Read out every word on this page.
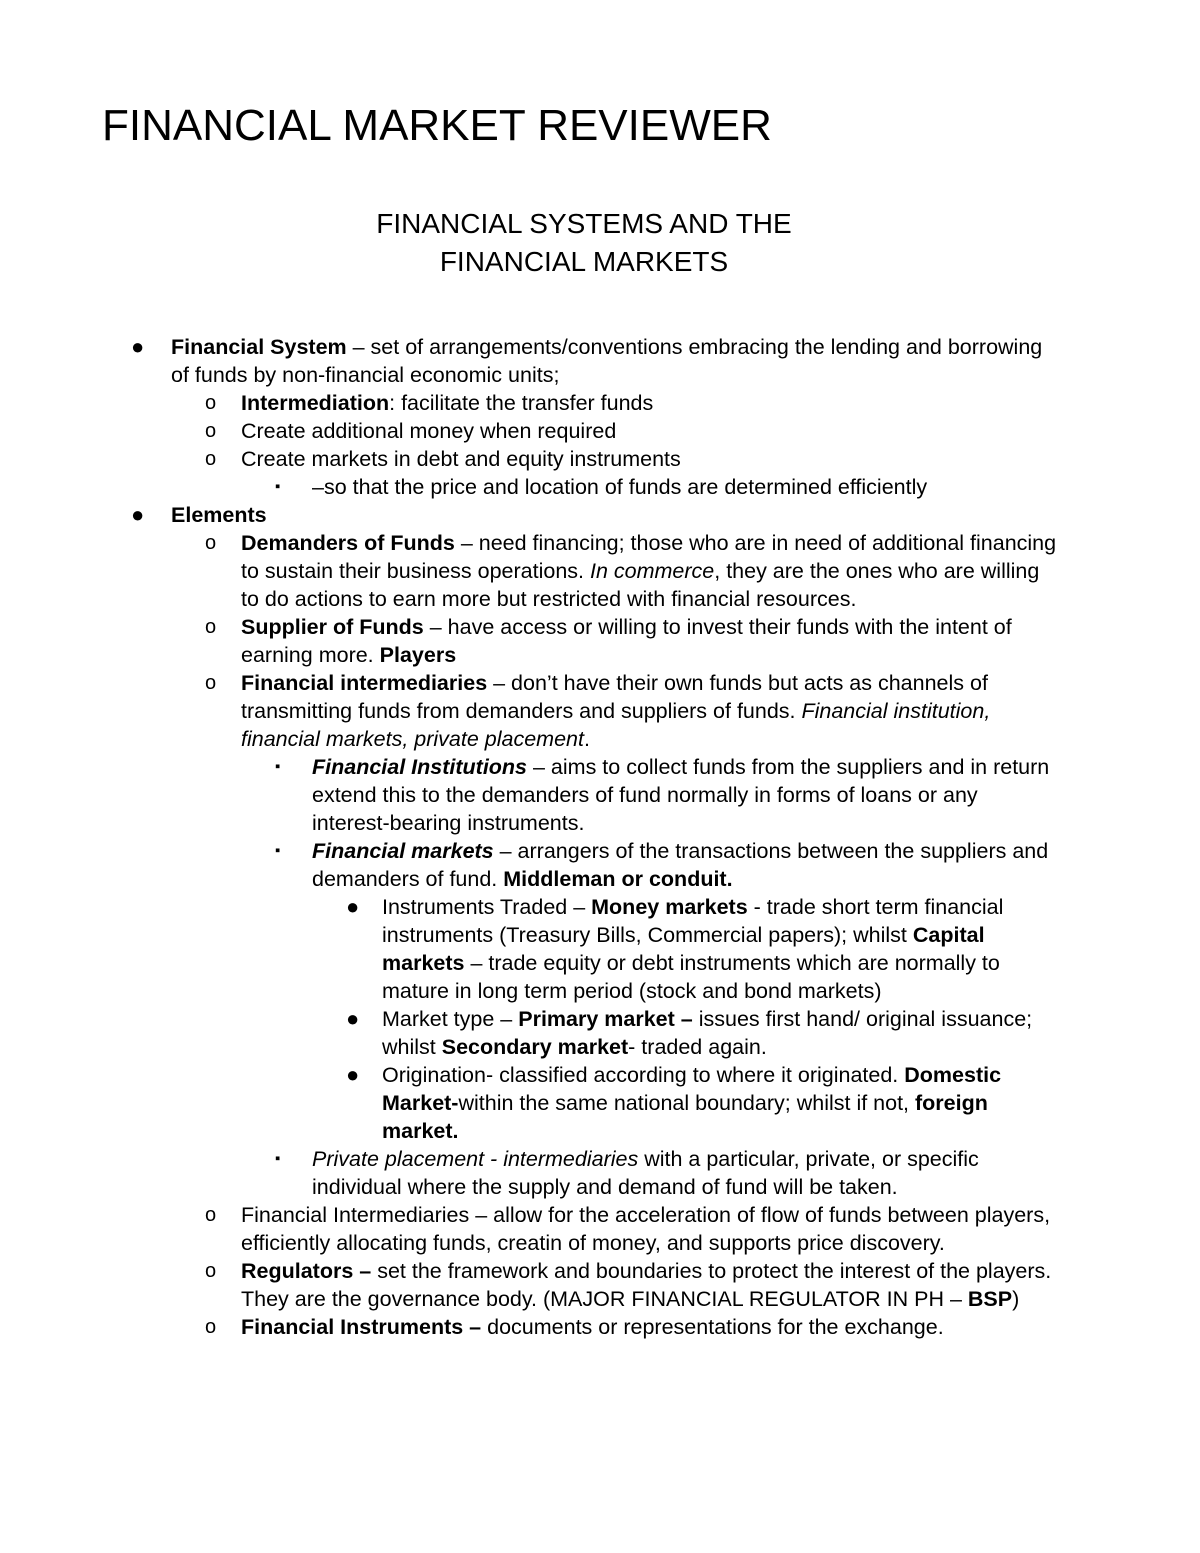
FINANCIAL MARKET REVIEWER
FINANCIAL SYSTEMS AND THE
FINANCIAL MARKETS
● Financial System – set of arrangements/conventions embracing the lending and borrowing of funds by non-financial economic units;
o Intermediation: facilitate the transfer funds
o Create additional money when required
o Create markets in debt and equity instruments
▪ –so that the price and location of funds are determined efficiently
● Elements
o Demanders of Funds – need financing; those who are in need of additional financing to sustain their business operations. In commerce, they are the ones who are willing to do actions to earn more but restricted with financial resources.
o Supplier of Funds – have access or willing to invest their funds with the intent of earning more. Players
o Financial intermediaries – don’t have their own funds but acts as channels of transmitting funds from demanders and suppliers of funds. Financial institution, financial markets, private placement.
▪ Financial Institutions – aims to collect funds from the suppliers and in return extend this to the demanders of fund normally in forms of loans or any interest-bearing instruments.
▪ Financial markets – arrangers of the transactions between the suppliers and demanders of fund. Middleman or conduit.
● Instruments Traded – Money markets - trade short term financial instruments (Treasury Bills, Commercial papers); whilst Capital markets – trade equity or debt instruments which are normally to mature in long term period (stock and bond markets)
● Market type – Primary market – issues first hand/ original issuance; whilst Secondary market- traded again.
● Origination- classified according to where it originated. Domestic Market-within the same national boundary; whilst if not, foreign market.
▪ Private placement - intermediaries with a particular, private, or specific individual where the supply and demand of fund will be taken.
o Financial Intermediaries – allow for the acceleration of flow of funds between players, efficiently allocating funds, creatin of money, and supports price discovery.
o Regulators – set the framework and boundaries to protect the interest of the players. They are the governance body. (MAJOR FINANCIAL REGULATOR IN PH – BSP)
o Financial Instruments – documents or representations for the exchange.
